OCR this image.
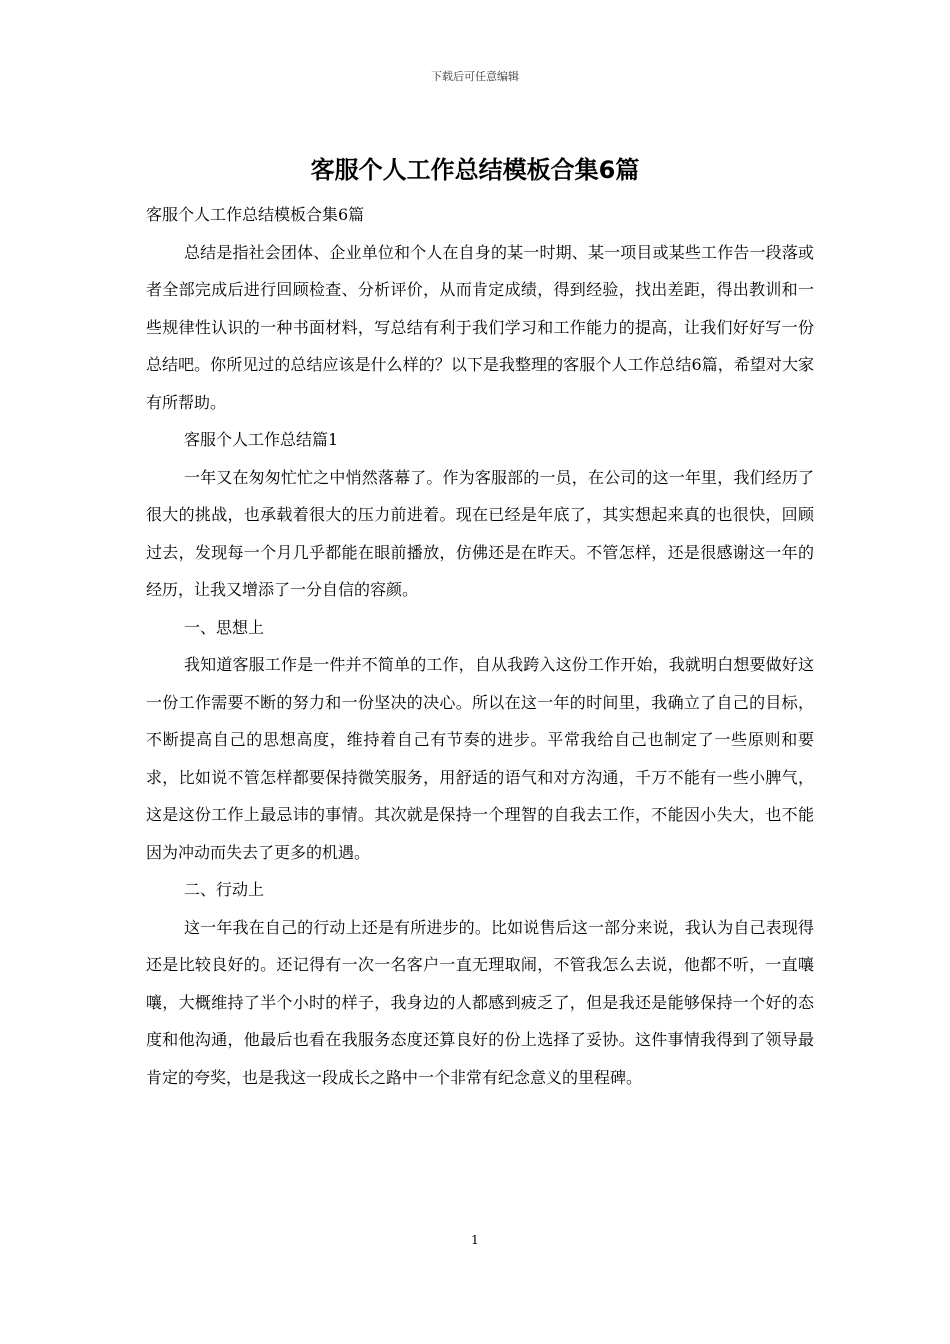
下载后可任意编辑
客服个人工作总结模板合集6篇

客服个人工作总结模板合集6篇

总结是指社会团体、企业单位和个人在自身的某一时期、某一项目或某些工作告一段落或者全部完成后进行回顾检查、分析评价，从而肯定成绩，得到经验，找出差距，得出教训和一些规律性认识的一种书面材料，写总结有利于我们学习和工作能力的提高，让我们好好写一份总结吧。你所见过的总结应该是什么样的？以下是我整理的客服个人工作总结6篇，希望对大家有所帮助。

客服个人工作总结篇1

一年又在匆匆忙忙之中悄然落幕了。作为客服部的一员，在公司的这一年里，我们经历了很大的挑战，也承载着很大的压力前进着。现在已经是年底了，其实想起来真的也很快，回顾过去，发现每一个月几乎都能在眼前播放，仿佛还是在昨天。不管怎样，还是很感谢这一年的经历，让我又增添了一分自信的容颜。

一、思想上

我知道客服工作是一件并不简单的工作，自从我跨入这份工作开始，我就明白想要做好这一份工作需要不断的努力和一份坚决的决心。所以在这一年的时间里，我确立了自己的目标，不断提高自己的思想高度，维持着自己有节奏的进步。平常我给自己也制定了一些原则和要求，比如说不管怎样都要保持微笑服务，用舒适的语气和对方沟通，千万不能有一些小脾气，这是这份工作上最忌讳的事情。其次就是保持一个理智的自我去工作，不能因小失大，也不能因为冲动而失去了更多的机遇。

二、行动上

这一年我在自己的行动上还是有所进步的。比如说售后这一部分来说，我认为自己表现得还是比较良好的。还记得有一次一名客户一直无理取闹，不管我怎么去说，他都不听，一直嚷嚷，大概维持了半个小时的样子，我身边的人都感到疲乏了，但是我还是能够保持一个好的态度和他沟通，他最后也看在我服务态度还算良好的份上选择了妥协。这件事情我得到了领导最肯定的夸奖，也是我这一段成长之路中一个非常有纪念意义的里程碑。

1
